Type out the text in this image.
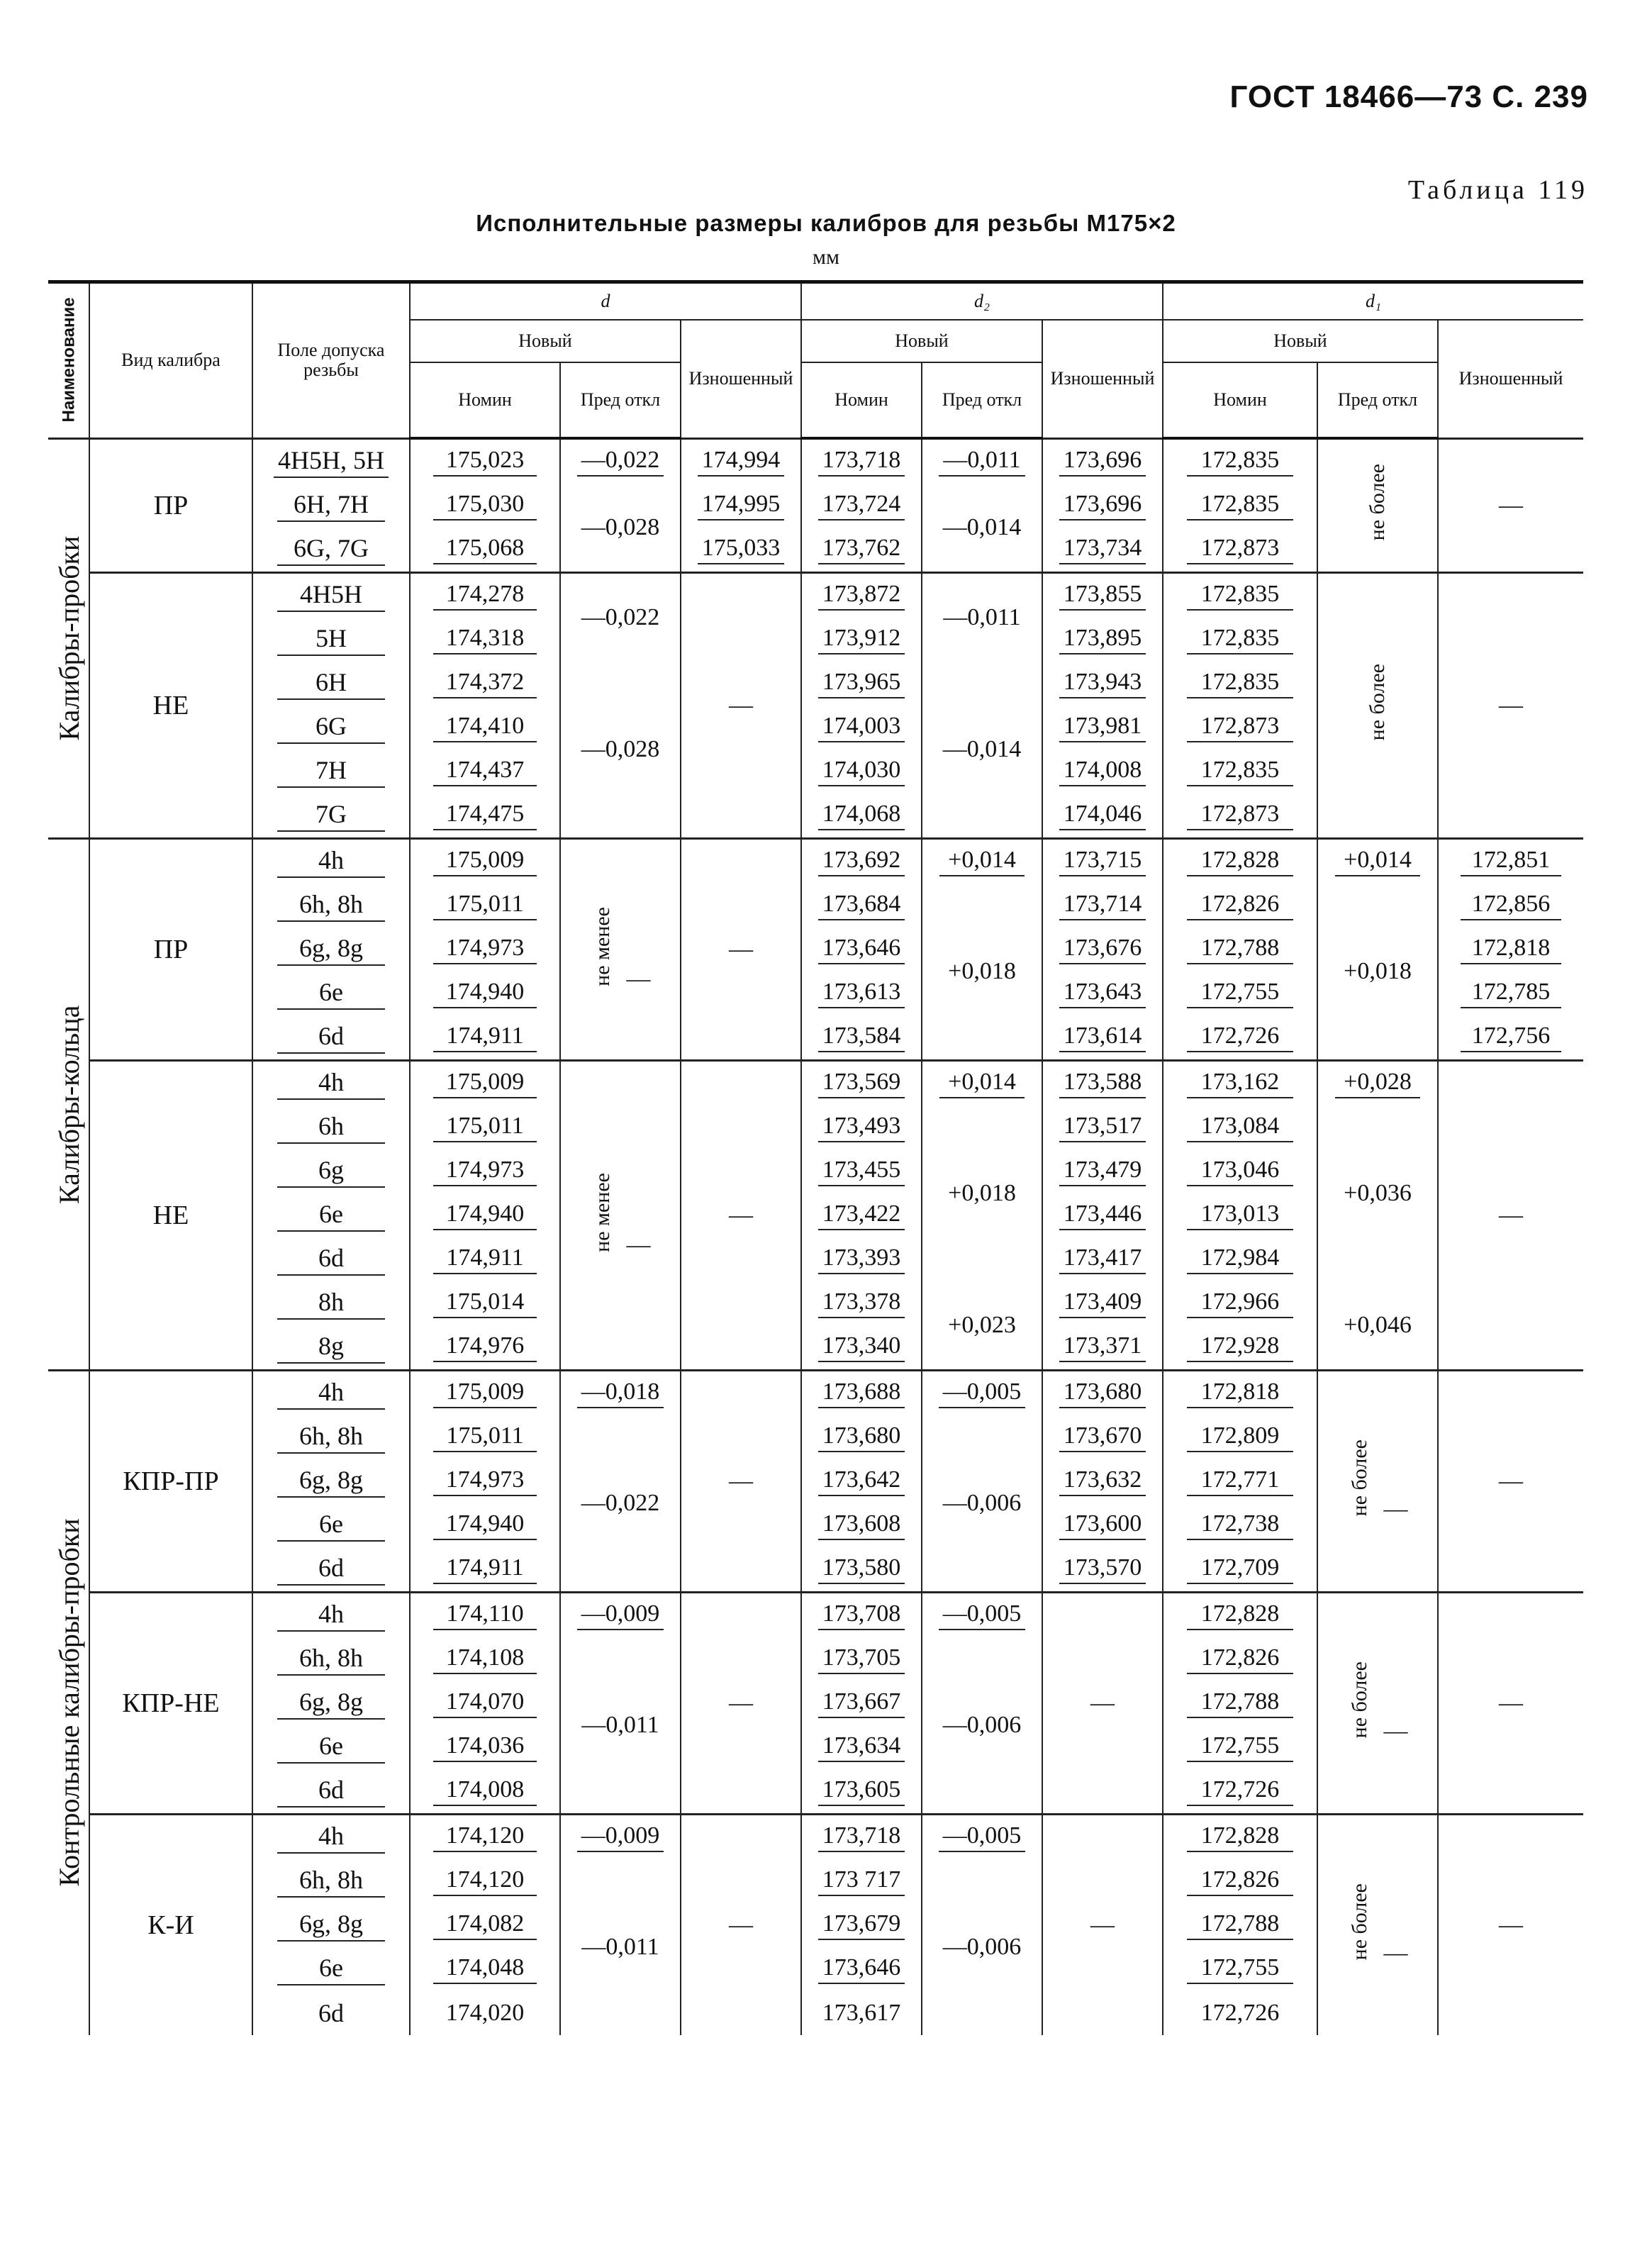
ГОСТ 18466—73 С. 239
Таблица 119
Исполнительные размеры калибров для резьбы М175×2
мм
Наименование	Вид калибра	Поле допуска резьбы	d			d₂			d₁		
			Новый		Изношенный	Новый		Изношенный	Новый		Изношенный
			Номин	Пред откл		Номин	Пред откл		Номин	Пред откл	
Калибры-пробки	ПР	4H5H, 5H	175,023	—0,022	174,994	173,718	—0,011	173,696	172,835	не более	—
		6H, 7H	175,030	—0,028	174,995	173,724	—0,014	173,696	172,835		
		6G, 7G	175,068		175,033	173,762		173,734	172,873		
	НЕ	4H5H	174,278	—0,022	—	173,872	—0,011	173,855	172,835	не более	—
		5H	174,318			173,912		173,895	172,835		
		6H	174,372	—0,028		173,965	—0,014	173,943	172,835		
		6G	174,410			174,003		173,981	172,873		
		7H	174,437			174,030		174,008	172,835		
		7G	174,475			174,068		174,046	172,873		
Калибры-кольца	ПР	4h	175,009	не менее —	—	173,692	+0,014	173,715	172,828	+0,014	172,851
		6h, 8h	175,011			173,684	+0,018	173,714	172,826	+0,018	172,856
		6g, 8g	174,973			173,646		173,676	172,788		172,818
		6e	174,940			173,613		173,643	172,755		172,785
		6d	174,911			173,584		173,614	172,726		172,756
	НЕ	4h	175,009	не менее —	—	173,569	+0,014	173,588	173,162	+0,028	—
		6h	175,011			173,493	+0,018	173,517	173,084	+0,036	
		6g	174,973			173,455		173,479	173,046		
		6e	174,940			173,422		173,446	173,013		
		6d	174,911			173,393		173,417	172,984		
		8h	175,014			173,378	+0,023	173,409	172,966	+0,046	
		8g	174,976			173,340		173,371	172,928		
Контрольные калибры-пробки	КПР-ПР	4h	175,009	—0,018	—	173,688	—0,005	173,680	172,818	не более —	—
		6h, 8h	175,011	—0,022		173,680	—0,006	173,670	172,809		
		6g, 8g	174,973			173,642		173,632	172,771		
		6e	174,940			173,608		173,600	172,738		
		6d	174,911			173,580		173,570	172,709		
	КПР-НЕ	4h	174,110	—0,009	—	173,708	—0,005	—	172,828	не более —	—
		6h, 8h	174,108	—0,011		173,705	—0,006		172,826		
		6g, 8g	174,070			173,667			172,788		
		6e	174,036			173,634			172,755		
		6d	174,008			173,605			172,726		
	К-И	4h	174,120	—0,009	—	173,718	—0,005	—	172,828	не более —	—
		6h, 8h	174,120	—0,011		173 717	—0,006		172,826		
		6g, 8g	174,082			173,679			172,788		
		6e	174,048			173,646			172,755		
		6d	174,020			173,617			172,726		
